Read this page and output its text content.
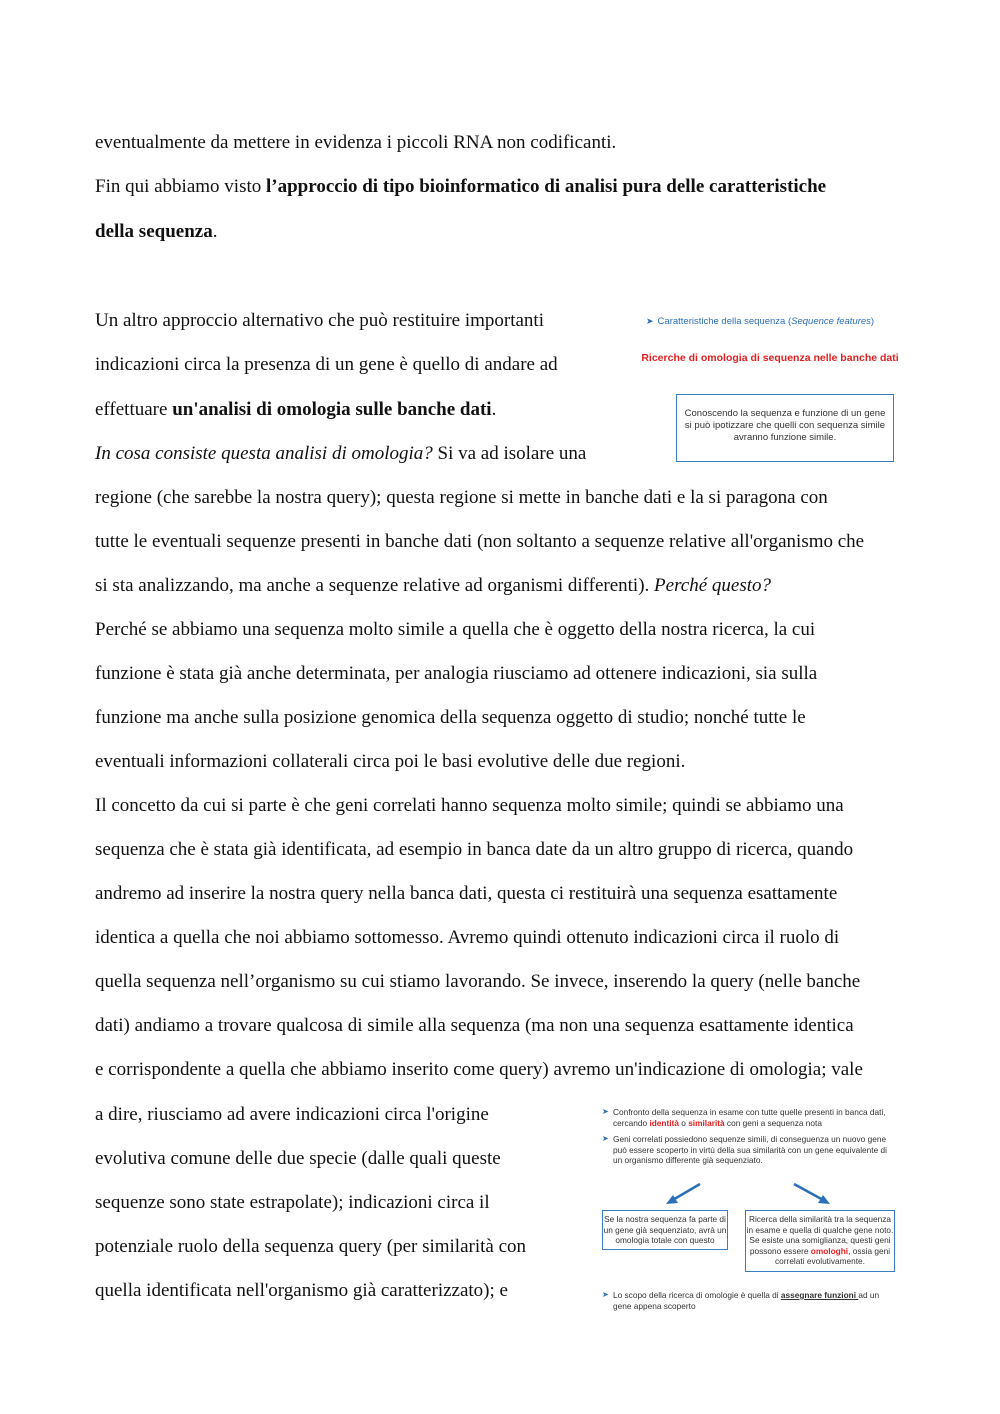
eventualmente da mettere in evidenza i piccoli RNA non codificanti.
Fin qui abbiamo visto l’approccio di tipo bioinformatico di analisi pura delle caratteristiche
della sequenza.
Un altro approccio alternativo che può restituire importanti
indicazioni circa la presenza di un gene è quello di andare ad
effettuare un'analisi di omologia sulle banche dati.
In cosa consiste questa analisi di omologia? Si va ad isolare una
regione (che sarebbe la nostra query); questa regione si mette in banche dati e la si paragona con
tutte le eventuali sequenze presenti in banche dati (non soltanto a sequenze relative all'organismo che
si sta analizzando, ma anche a sequenze relative ad organismi differenti). Perché questo?
Perché se abbiamo una sequenza molto simile a quella che è oggetto della nostra ricerca, la cui
funzione è stata già anche determinata, per analogia riusciamo ad ottenere indicazioni, sia sulla
funzione ma anche sulla posizione genomica della sequenza oggetto di studio; nonché tutte le
eventuali informazioni collaterali circa poi le basi evolutive delle due regioni.
Il concetto da cui si parte è che geni correlati hanno sequenza molto simile; quindi se abbiamo una
sequenza che è stata già identificata, ad esempio in banca date da un altro gruppo di ricerca, quando
andremo ad inserire la nostra query nella banca dati, questa ci restituirà una sequenza esattamente
identica a quella che noi abbiamo sottomesso. Avremo quindi ottenuto indicazioni circa il ruolo di
quella sequenza nell’organismo su cui stiamo lavorando. Se invece, inserendo la query (nelle banche
dati) andiamo a trovare qualcosa di simile alla sequenza (ma non una sequenza esattamente identica
e corrispondente a quella che abbiamo inserito come query) avremo un'indicazione di omologia; vale
a dire, riusciamo ad avere indicazioni circa l'origine
evolutiva comune delle due specie (dalle quali queste
sequenze sono state estrapolate); indicazioni circa il
potenziale ruolo della sequenza query (per similarità con
quella identificata nell'organismo già caratterizzato); e
➤ Caratteristiche della sequenza (Sequence features)
Ricerche di omologia di sequenza nelle banche dati
Conoscendo la sequenza e funzione di un gene si può ipotizzare che quelli con sequenza simile avranno funzione simile.
➤ Confronto della sequenza in esame con tutte quelle presenti in banca dati, cercando identità o similarità con geni a sequenza nota
➤ Geni correlati possiedono sequenze simili, di conseguenza un nuovo gene può essere scoperto in virtù della sua similarità con un gene equivalente di un organismo differente già sequenziato.
Se la nostra sequenza fa parte di un gene già sequenziato, avrà un omologia totale con questo
Ricerca della similarità tra la sequenza in esame e quella di qualche gene noto. Se esiste una somiglianza, questi geni possono essere omologhi, ossia geni correlati evolutivamente.
➤ Lo scopo della ricerca di omologie è quella di assegnare funzioni ad un gene appena scoperto
